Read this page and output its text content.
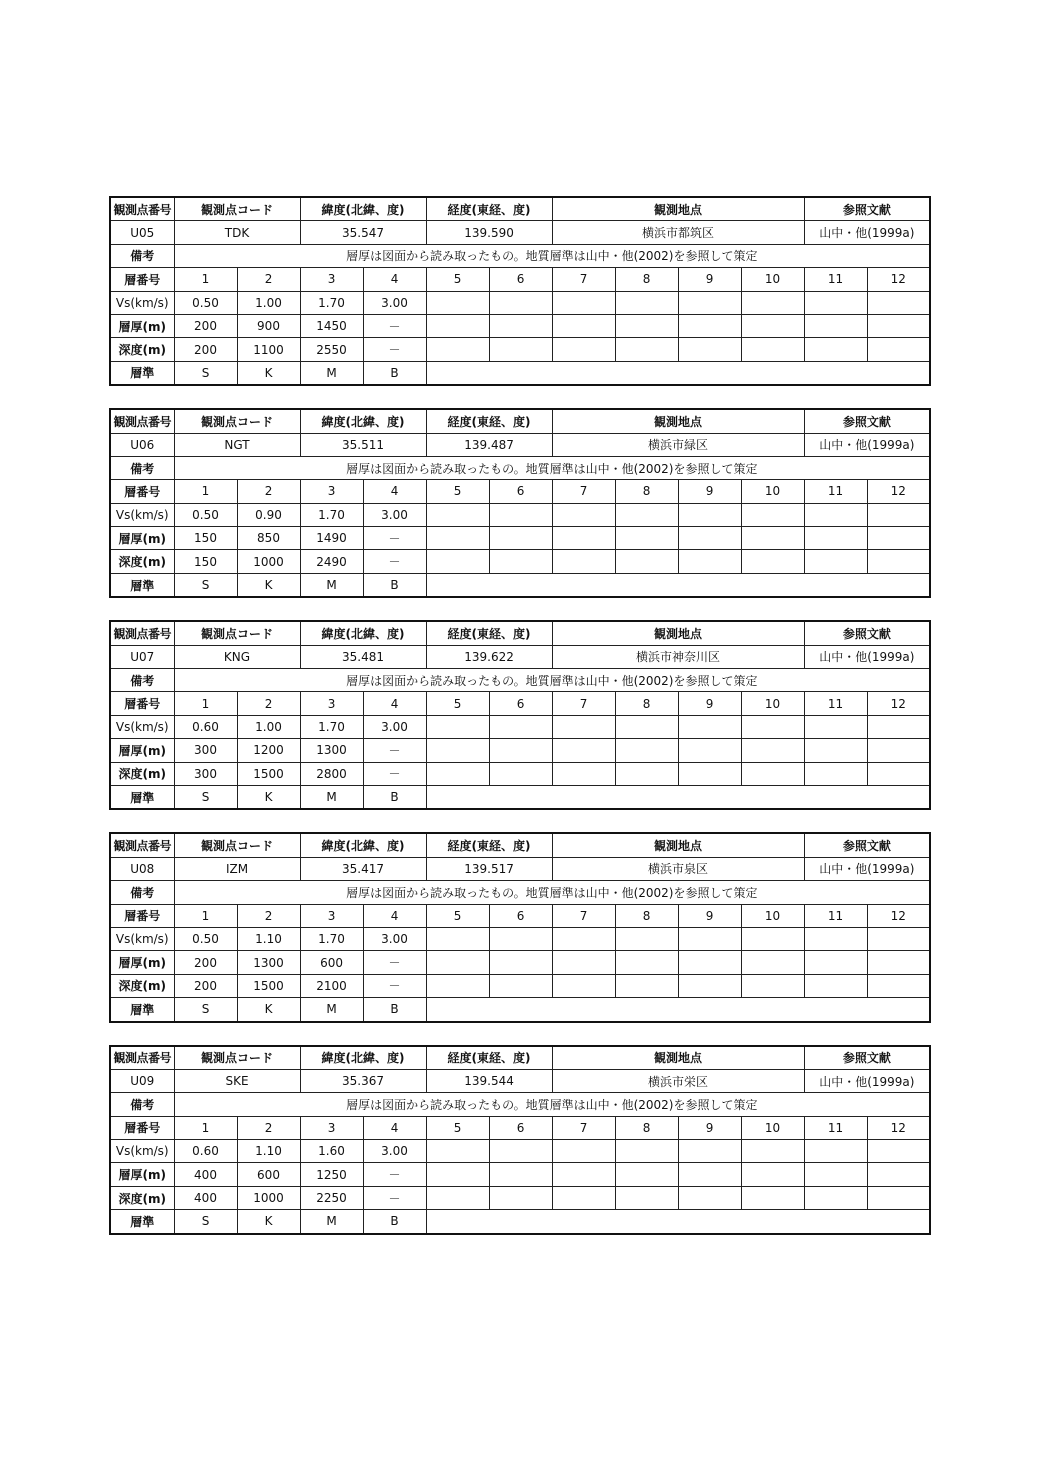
観測点番号	観測点コード		緯度(北緯、度)		経度(東経、度)		観測地点				参照文献	
U05	TDK		35.547		139.590		横浜市都筑区				山中・他(1999a)	
備考	層厚は図面から読み取ったもの。地質層準は山中・他(2002)を参照して策定											
層番号	1	2	3	4	5	6	7	8	9	10	11	12
Vs(km/s)	0.50	1.00	1.70	3.00								
層厚(m)	200	900	1450	－								
深度(m)	200	1100	2550	－								
層準	S	K	M	B								
観測点番号	観測点コード		緯度(北緯、度)		経度(東経、度)		観測地点				参照文献	
U06	NGT		35.511		139.487		横浜市緑区				山中・他(1999a)	
備考	層厚は図面から読み取ったもの。地質層準は山中・他(2002)を参照して策定											
層番号	1	2	3	4	5	6	7	8	9	10	11	12
Vs(km/s)	0.50	0.90	1.70	3.00								
層厚(m)	150	850	1490	－								
深度(m)	150	1000	2490	－								
層準	S	K	M	B								
観測点番号	観測点コード		緯度(北緯、度)		経度(東経、度)		観測地点				参照文献	
U07	KNG		35.481		139.622		横浜市神奈川区				山中・他(1999a)	
備考	層厚は図面から読み取ったもの。地質層準は山中・他(2002)を参照して策定											
層番号	1	2	3	4	5	6	7	8	9	10	11	12
Vs(km/s)	0.60	1.00	1.70	3.00								
層厚(m)	300	1200	1300	－								
深度(m)	300	1500	2800	－								
層準	S	K	M	B								
観測点番号	観測点コード		緯度(北緯、度)		経度(東経、度)		観測地点				参照文献	
U08	IZM		35.417		139.517		横浜市泉区				山中・他(1999a)	
備考	層厚は図面から読み取ったもの。地質層準は山中・他(2002)を参照して策定											
層番号	1	2	3	4	5	6	7	8	9	10	11	12
Vs(km/s)	0.50	1.10	1.70	3.00								
層厚(m)	200	1300	600	－								
深度(m)	200	1500	2100	－								
層準	S	K	M	B								
観測点番号	観測点コード		緯度(北緯、度)		経度(東経、度)		観測地点				参照文献	
U09	SKE		35.367		139.544		横浜市栄区				山中・他(1999a)	
備考	層厚は図面から読み取ったもの。地質層準は山中・他(2002)を参照して策定											
層番号	1	2	3	4	5	6	7	8	9	10	11	12
Vs(km/s)	0.60	1.10	1.60	3.00								
層厚(m)	400	600	1250	－								
深度(m)	400	1000	2250	－								
層準	S	K	M	B								
